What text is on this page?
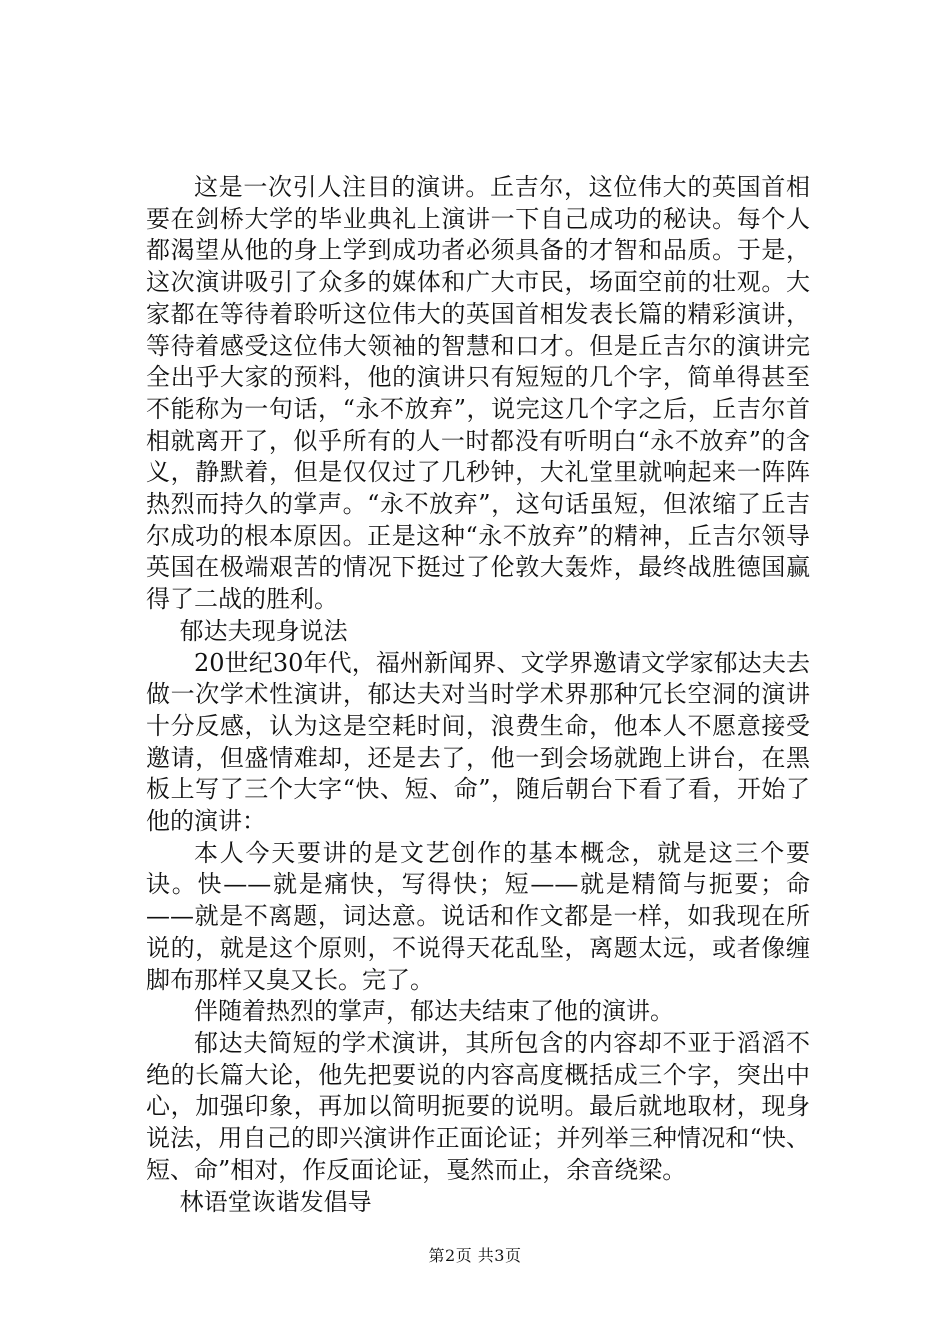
这是一次引人注目的演讲。丘吉尔，这位伟大的英国首相要在剑桥大学的毕业典礼上演讲一下自己成功的秘诀。每个人都渴望从他的身上学到成功者必须具备的才智和品质。于是，这次演讲吸引了众多的媒体和广大市民，场面空前的壮观。大家都在等待着聆听这位伟大的英国首相发表长篇的精彩演讲，等待着感受这位伟大领袖的智慧和口才。但是丘吉尔的演讲完全出乎大家的预料，他的演讲只有短短的几个字，简单得甚至不能称为一句话，“永不放弃”，说完这几个字之后，丘吉尔首相就离开了，似乎所有的人一时都没有听明白“永不放弃”的含义，静默着，但是仅仅过了几秒钟，大礼堂里就响起来一阵阵热烈而持久的掌声。“永不放弃”，这句话虽短，但浓缩了丘吉尔成功的根本原因。正是这种“永不放弃”的精神，丘吉尔领导英国在极端艰苦的情况下挺过了伦敦大轰炸，最终战胜德国赢得了二战的胜利。

郁达夫现身说法

20世纪30年代，福州新闻界、文学界邀请文学家郁达夫去做一次学术性演讲，郁达夫对当时学术界那种冗长空洞的演讲十分反感，认为这是空耗时间，浪费生命，他本人不愿意接受邀请，但盛情难却，还是去了，他一到会场就跑上讲台，在黑板上写了三个大字“快、短、命”，随后朝台下看了看，开始了他的演讲：

本人今天要讲的是文艺创作的基本概念，就是这三个要诀。快——就是痛快，写得快；短——就是精简与扼要；命——就是不离题，词达意。说话和作文都是一样，如我现在所说的，就是这个原则，不说得天花乱坠，离题太远，或者像缠脚布那样又臭又长。完了。

伴随着热烈的掌声，郁达夫结束了他的演讲。

郁达夫简短的学术演讲，其所包含的内容却不亚于滔滔不绝的长篇大论，他先把要说的内容高度概括成三个字，突出中心，加强印象，再加以简明扼要的说明。最后就地取材，现身说法，用自己的即兴演讲作正面论证；并列举三种情况和“快、短、命”相对，作反面论证，戛然而止，余音绕梁。

林语堂诙谐发倡导

第2页 共3页
